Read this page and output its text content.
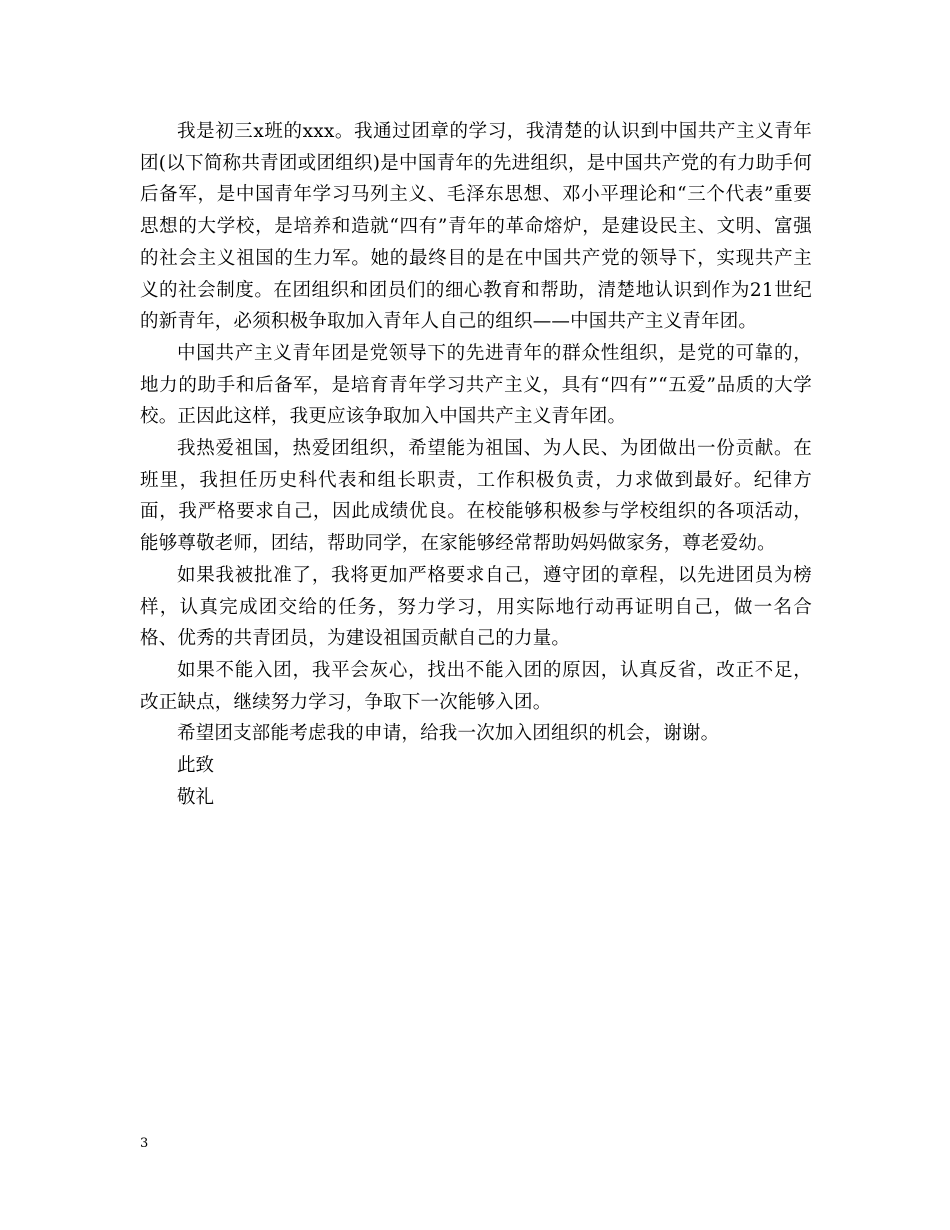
我是初三x班的xxx。我通过团章的学习，我清楚的认识到中国共产主义青年团(以下简称共青团或团组织)是中国青年的先进组织，是中国共产党的有力助手何后备军，是中国青年学习马列主义、毛泽东思想、邓小平理论和“三个代表”重要思想的大学校，是培养和造就“四有”青年的革命熔炉，是建设民主、文明、富强的社会主义祖国的生力军。她的最终目的是在中国共产党的领导下，实现共产主义的社会制度。在团组织和团员们的细心教育和帮助，清楚地认识到作为21世纪的新青年，必须积极争取加入青年人自己的组织——中国共产主义青年团。

中国共产主义青年团是党领导下的先进青年的群众性组织，是党的可靠的，地力的助手和后备军，是培育青年学习共产主义，具有“四有”“五爱”品质的大学校。正因此这样，我更应该争取加入中国共产主义青年团。

我热爱祖国，热爱团组织，希望能为祖国、为人民、为团做出一份贡献。在班里，我担任历史科代表和组长职责，工作积极负责，力求做到最好。纪律方面，我严格要求自己，因此成绩优良。在校能够积极参与学校组织的各项活动，能够尊敬老师，团结，帮助同学，在家能够经常帮助妈妈做家务，尊老爱幼。

如果我被批准了，我将更加严格要求自己，遵守团的章程，以先进团员为榜样，认真完成团交给的任务，努力学习，用实际地行动再证明自己，做一名合格、优秀的共青团员，为建设祖国贡献自己的力量。

如果不能入团，我平会灰心，找出不能入团的原因，认真反省，改正不足，改正缺点，继续努力学习，争取下一次能够入团。

希望团支部能考虑我的申请，给我一次加入团组织的机会，谢谢。

此致

敬礼

3
